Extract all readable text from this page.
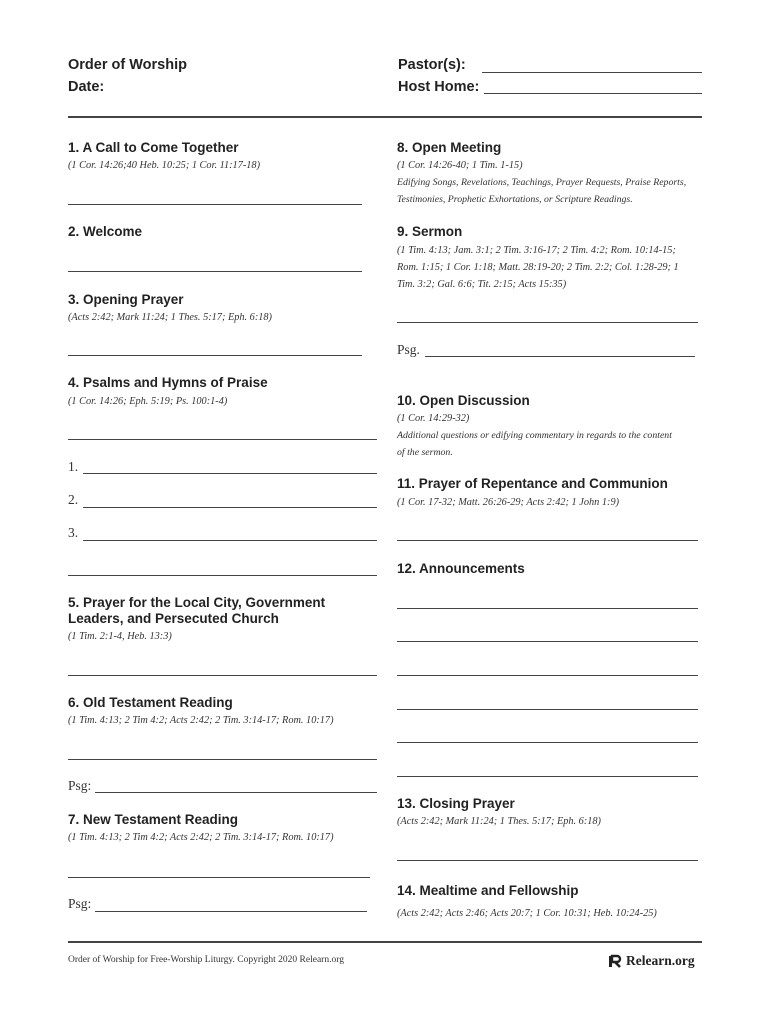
Order of Worship
Date:
Pastor(s):
Host Home:
1. A Call to Come Together
(1 Cor. 14:26;40 Heb. 10:25; 1 Cor. 11:17-18)
2. Welcome
3. Opening Prayer
(Acts 2:42; Mark 11:24; 1 Thes. 5:17; Eph. 6:18)
4. Psalms and Hymns of Praise
(1 Cor. 14:26; Eph. 5:19; Ps. 100:1-4)
1.
2.
3.
5. Prayer for the Local City, Government
Leaders, and Persecuted Church
(1 Tim. 2:1-4, Heb. 13:3)
6. Old Testament Reading
(1 Tim. 4:13; 2 Tim 4:2; Acts 2:42; 2 Tim. 3:14-17; Rom. 10:17)
Psg:
7. New Testament Reading
(1 Tim. 4:13; 2 Tim 4:2; Acts 2:42; 2 Tim. 3:14-17; Rom. 10:17)
Psg:
8. Open Meeting
(1 Cor. 14:26-40; 1 Tim. 1-15)
Edifying Songs, Revelations, Teachings, Prayer Requests, Praise Reports,
Testimonies, Prophetic Exhortations, or Scripture Readings.
9. Sermon
(1 Tim. 4:13; Jam. 3:1; 2 Tim. 3:16-17; 2 Tim. 4:2; Rom. 10:14-15;
Rom. 1:15; 1 Cor. 1:18; Matt. 28:19-20; 2 Tim. 2:2; Col. 1:28-29; 1
Tim. 3:2; Gal. 6:6; Tit. 2:15; Acts 15:35)
Psg.
10. Open Discussion
(1 Cor. 14:29-32)
Additional questions or edifying commentary in regards to the content
of the sermon.
11. Prayer of Repentance and Communion
(1 Cor. 17-32; Matt. 26:26-29; Acts 2:42; 1 John 1:9)
12. Announcements
13. Closing Prayer
(Acts 2:42; Mark 11:24; 1 Thes. 5:17; Eph. 6:18)
14. Mealtime and Fellowship
(Acts 2:42; Acts 2:46; Acts 20:7; 1 Cor. 10:31; Heb. 10:24-25)
Order of Worship for Free-Worship Liturgy. Copyright 2020 Relearn.org	Relearn.org
